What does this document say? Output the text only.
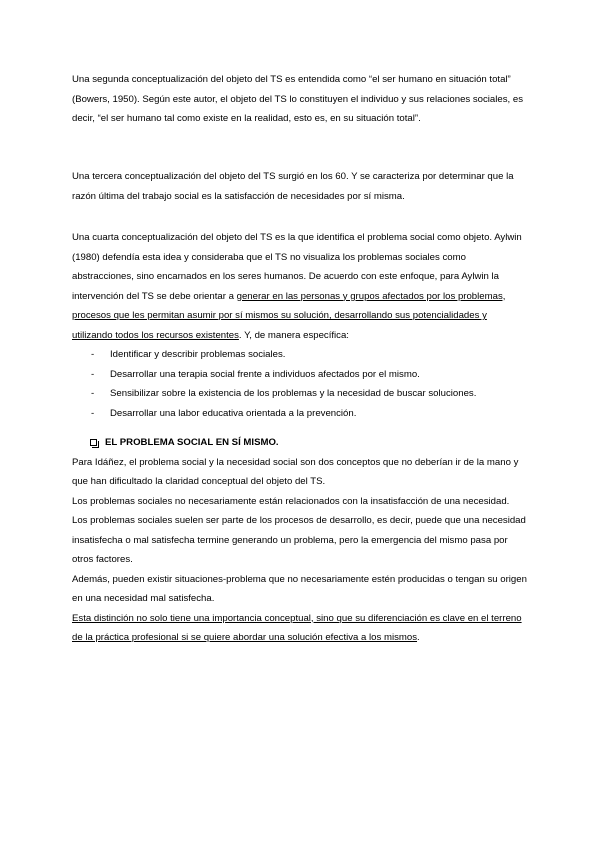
Una segunda conceptualización del objeto del TS es entendida como “el ser humano en situación total” (Bowers, 1950). Según este autor, el objeto del TS lo constituyen el individuo y sus relaciones sociales, es decir, “el ser humano tal como existe en la realidad, esto es, en su situación total”.

Una tercera conceptualización del objeto del TS surgió en los 60. Y se caracteriza por determinar que la razón última del trabajo social es la satisfacción de necesidades por sí misma.

Una cuarta conceptualización del objeto del TS es la que identifica el problema social como objeto. Aylwin (1980) defendía esta idea y consideraba que el TS no visualiza los problemas sociales como abstracciones, sino encarnados en los seres humanos. De acuerdo con este enfoque, para Aylwin la intervención del TS se debe orientar a generar en las personas y grupos afectados por los problemas, procesos que les permitan asumir por sí mismos su solución, desarrollando sus potencialidades y utilizando todos los recursos existentes. Y, de manera específica:

- Identificar y describir problemas sociales.
- Desarrollar una terapia social frente a individuos afectados por el mismo.
- Sensibilizar sobre la existencia de los problemas y la necesidad de buscar soluciones.
- Desarrollar una labor educativa orientada a la prevención.
EL PROBLEMA SOCIAL EN SÍ MISMO.

Para Idáñez, el problema social y la necesidad social son dos conceptos que no deberían ir de la mano y que han dificultado la claridad conceptual del objeto del TS.

Los problemas sociales no necesariamente están relacionados con la insatisfacción de una necesidad.

Los problemas sociales suelen ser parte de los procesos de desarrollo, es decir, puede que una necesidad insatisfecha o mal satisfecha termine generando un problema, pero la emergencia del mismo pasa por otros factores.

Además, pueden existir situaciones-problema que no necesariamente estén producidas o tengan su origen en una necesidad mal satisfecha.

Esta distinción no solo tiene una importancia conceptual, sino que su diferenciación es clave en el terreno de la práctica profesional si se quiere abordar una solución efectiva a los mismos.
